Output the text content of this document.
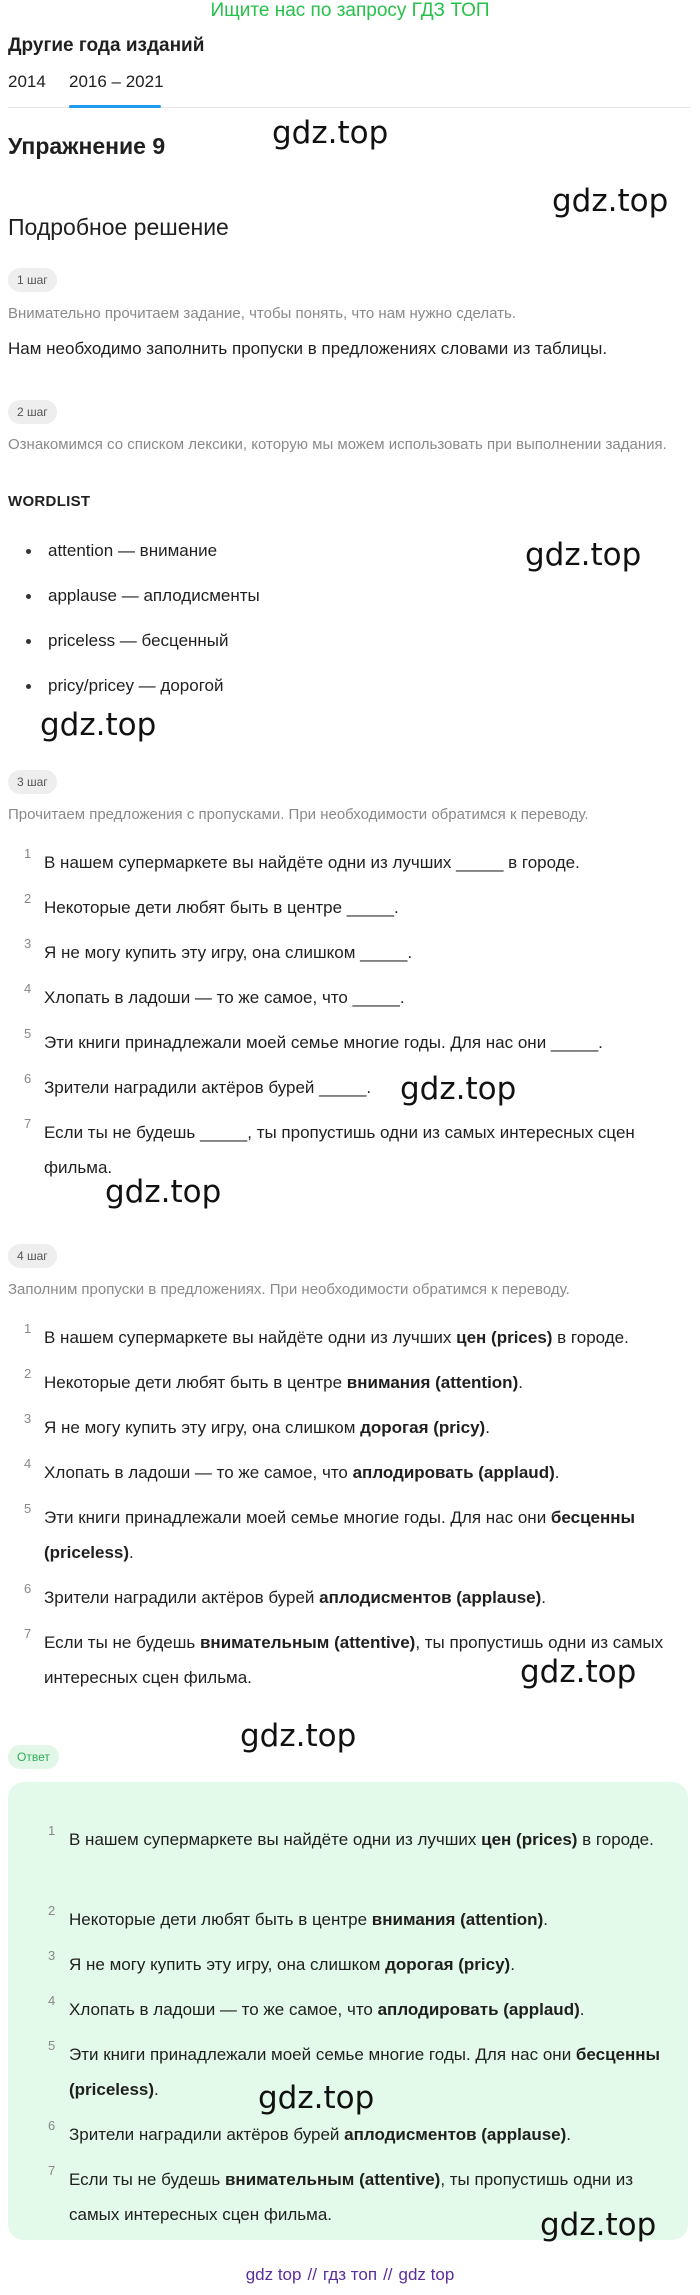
Ищите нас по запросу ГДЗ ТОП
Другие года изданий
2014 2016 – 2021
Упражнение 9	gdz.top
gdz.top
Подробное решение
1 шаг
Внимательно прочитаем задание, чтобы понять, что нам нужно сделать.
Нам необходимо заполнить пропуски в предложениях словами из таблицы.
2 шаг
Ознакомимся со списком лексики, которую мы можем использовать при выполнении задания.
WORDLIST
attention — внимание
applause — аплодисменты
priceless — бесценный
pricy/pricey — дорогой
gdz.top
gdz.top
3 шаг
Прочитаем предложения с пропусками. При необходимости обратимся к переводу.
1 В нашем супермаркете вы найдёте одни из лучших _____ в городе.
2 Некоторые дети любят быть в центре _____.
3 Я не могу купить эту игру, она слишком _____.
4 Хлопать в ладоши — то же самое, что _____.
5 Эти книги принадлежали моей семье многие годы. Для нас они _____.
6 Зрители наградили актёров бурей _____.
7 Если ты не будешь _____, ты пропустишь одни из самых интересных сцен фильма.
gdz.top
gdz.top
4 шаг
Заполним пропуски в предложениях. При необходимости обратимся к переводу.
1 В нашем супермаркете вы найдёте одни из лучших цен (prices) в городе.
2 Некоторые дети любят быть в центре внимания (attention).
3 Я не могу купить эту игру, она слишком дорогая (pricy).
4 Хлопать в ладоши — то же самое, что аплодировать (applaud).
5 Эти книги принадлежали моей семье многие годы. Для нас они бесценны (priceless).
6 Зрители наградили актёров бурей аплодисментов (applause).
7 Если ты не будешь внимательным (attentive), ты пропустишь одни из самых интересных сцен фильма.	gdz.top
Ответ
gdz.top
1 В нашем супермаркете вы найдёте одни из лучших цен (prices) в городе.
2 Некоторые дети любят быть в центре внимания (attention).
3 Я не могу купить эту игру, она слишком дорогая (pricy).
4 Хлопать в ладоши — то же самое, что аплодировать (applaud).
5 Эти книги принадлежали моей семье многие годы. Для нас они бесценны (priceless).
6 Зрители наградили актёров бурей аплодисментов (applause).
7 Если ты не будешь внимательным (attentive), ты пропустишь одни из самых интересных сцен фильма.
gdz.top
gdz.top
gdz top // гдз топ // gdz top
